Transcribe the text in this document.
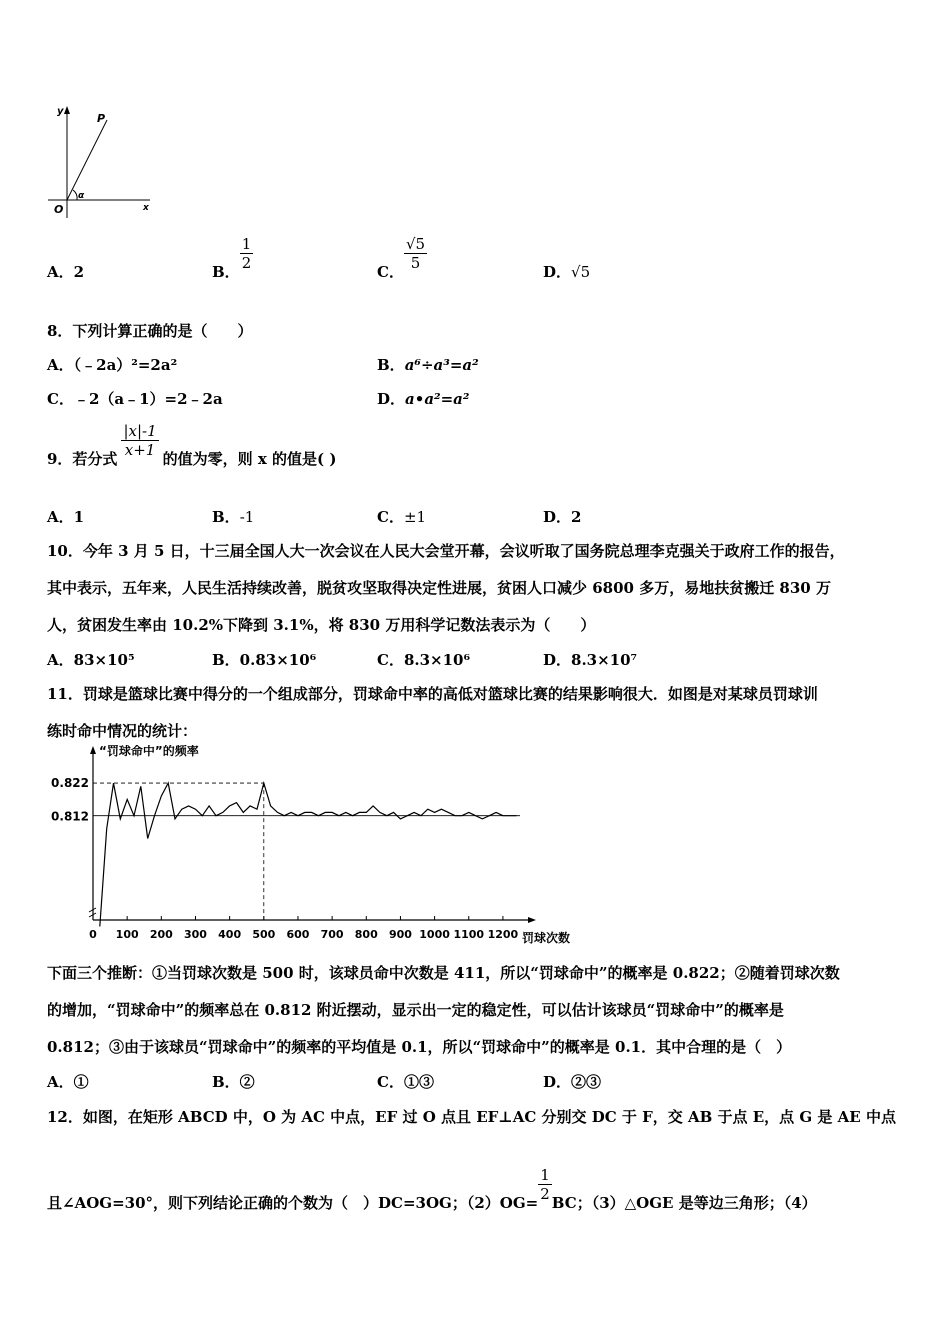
y
P
O
α
x
A．2	B． $\frac{1}{2}$	C． $\frac{√5}{5}$	D．√5
8．下列计算正确的是（　　）
A．（﹣2a）²=2a²	B．a⁶÷a³=a²
C．﹣2（a﹣1）=2﹣2a	D．a•a²=a²
9．若分式 $\frac{|x|-1}{x+1}$ 的值为零，则 x 的值是( )
A．1	B．-1	C．±1	D．2
10．今年 3 月 5 日，十三届全国人大一次会议在人民大会堂开幕，会议听取了国务院总理李克强关于政府工作的报告，
其中表示，五年来，人民生活持续改善，脱贫攻坚取得决定性进展，贫困人口减少 6800 多万，易地扶贫搬迁 830 万
人，贫困发生率由 10.2%下降到 3.1%，将 830 万用科学记数法表示为（　　）
A．83×10⁵	B．0.83×10⁶	C．8.3×10⁶	D．8.3×10⁷
11．罚球是篮球比赛中得分的一个组成部分，罚球命中率的高低对篮球比赛的结果影响很大．如图是对某球员罚球训
练时命中情况的统计：
0 100 200 300 400 500 600 700 800 900 1000 1100 1200
0.822
0.812
“罚球命中”的频率
罚球次数
下面三个推断：①当罚球次数是 500 时，该球员命中次数是 411，所以“罚球命中”的概率是 0.822；②随着罚球次数
的增加，“罚球命中”的频率总在 0.812 附近摆动，显示出一定的稳定性，可以估计该球员“罚球命中”的概率是
0.812；③由于该球员“罚球命中”的频率的平均值是 0.1，所以“罚球命中”的概率是 0.1．其中合理的是（　）
A．①	B．②	C．①③	D．②③
12．如图，在矩形 ABCD 中，O 为 AC 中点，EF 过 O 点且 EF⊥AC 分别交 DC 于 F，交 AB 于点 E，点 G 是 AE 中点
且∠AOG=30°，则下列结论正确的个数为（　）DC=3OG；$(2)OG= \frac{1}{2}$ BC；（3）△OGE 是等边三角形；（4）
